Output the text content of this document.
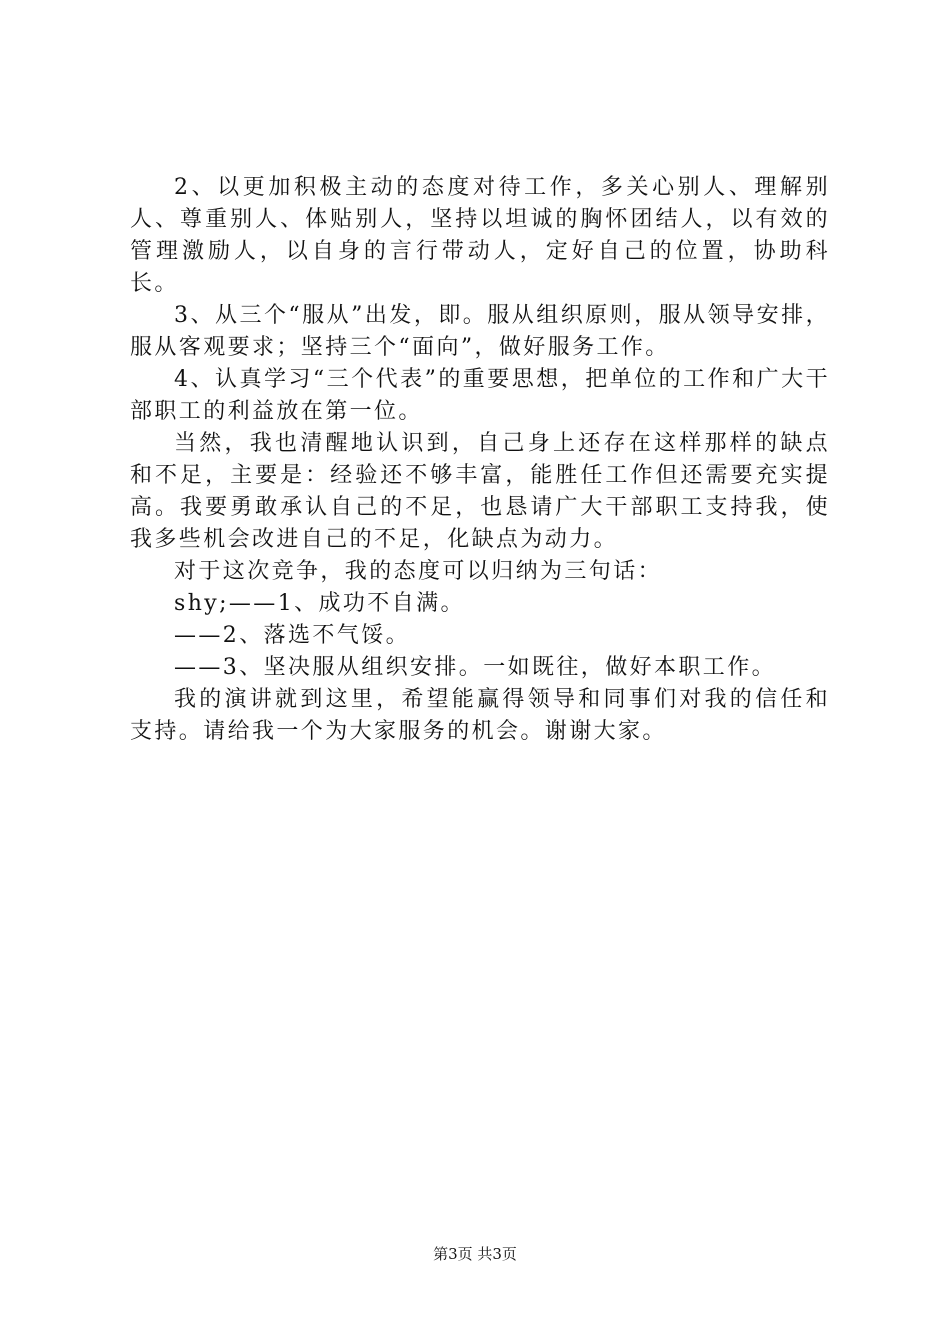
2、以更加积极主动的态度对待工作，多关心别人、理解别人、尊重别人、体贴别人，坚持以坦诚的胸怀团结人，以有效的管理激励人，以自身的言行带动人，定好自己的位置，协助科长。

3、从三个“服从”出发，即。服从组织原则，服从领导安排，服从客观要求；坚持三个“面向”，做好服务工作。

4、认真学习“三个代表”的重要思想，把单位的工作和广大干部职工的利益放在第一位。

当然，我也清醒地认识到，自己身上还存在这样那样的缺点和不足，主要是：经验还不够丰富，能胜任工作但还需要充实提高。我要勇敢承认自己的不足，也恳请广大干部职工支持我，使我多些机会改进自己的不足，化缺点为动力。

对于这次竞争，我的态度可以归纳为三句话：

shy;——1、成功不自满。

——2、落选不气馁。

——3、坚决服从组织安排。一如既往，做好本职工作。

我的演讲就到这里，希望能赢得领导和同事们对我的信任和支持。请给我一个为大家服务的机会。谢谢大家。

第3页 共3页
